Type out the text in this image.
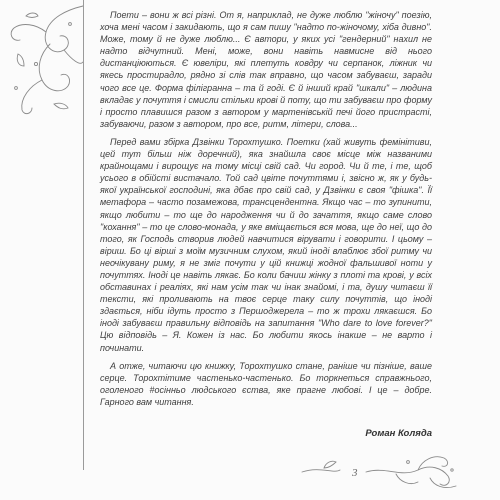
Поети – вони ж всі різні. От я, наприклад, не дуже люблю "жіночу" поезію, хоча мені часом і закидають, що я сам пишу "надто по-жіночому, хіба дивно". Може, тому й не дуже люблю... Є автори, у яких усі "гендерний" нахил не надто відчутний. Мені, може, вони навіть навмисне від нього дистанціюються. Є ювеліри, які плетуть ковдру чи серпанок, ліжник чи якесь простирадло, рядно зі слів так вправно, що часом забуваєш, заради чого все це. Форма філігранна – та й годі. Є й інший край "шкали" – людина вкладає у почуття і смисли стільки крові й поту, що ти забуваєш про форму і просто плавишся разом з автором у мартенівській печі його пристрасті, забуваючи, разом з автором, про все, ритм, літери, слова...

Перед вами збірка Дзвінки Торохтушко. Поетки (хай живуть фемінітиви, цей тут більш ніж доречний), яка знайшла своє місце між названими крайнощами і вирощує на тому місці свій сад. Чи город. Чи й те, і те, щоб усього в обійсті вистачало. Той сад цвіте почуттями і, звісно ж, як у будь-якої української господині, яка дбає про свій сад, у Дзвінки є своя "фішка". Її метафора – часто позамежова, трансцендентна. Якщо час – то зупинити, якщо любити – то ще до народження чи й до зачаття, якщо саме слово "кохання" – то це слово-монада, у яке вміщається вся мова, ще до неї, що до того, як Господь створив людей навчитися вірувати і говорити. І цьому – віриш. Бо ці вірші з моїм музичним слухом, який іноді влаблює збої ритму чи неочікувану риму, я не зміг почути у цій книжці жодної фальшивої ноти у почуттях. Іноді це навіть лякає. Бо коли бачиш жінку з плоті та крові, у всіх обставинах і реаліях, які нам усім так чи інак знайомі, і та, душу читаєш її тексти, які проливають на твоє серце таку силу почуттів, що іноді здається, ніби ідуть просто з Першоджерела – то ж трохи лякаєшся. Бо іноді забуваєш правильну відповідь на запитання "Who dare to love forever?" Цю відповідь – Я. Кожен із нас. Бо любити якось інакше – не варто і починати.

А отже, читаючи цю книжку, Торохтушко стане, раніше чи пізніше, ваше серце. Торохтітиме частенько-частенько. Бо торкнеться справжнього, оголеного #осінньо людського єства, яке прагне любові. І це – добре. Гарного вам читання.

Роман Коляда
3
